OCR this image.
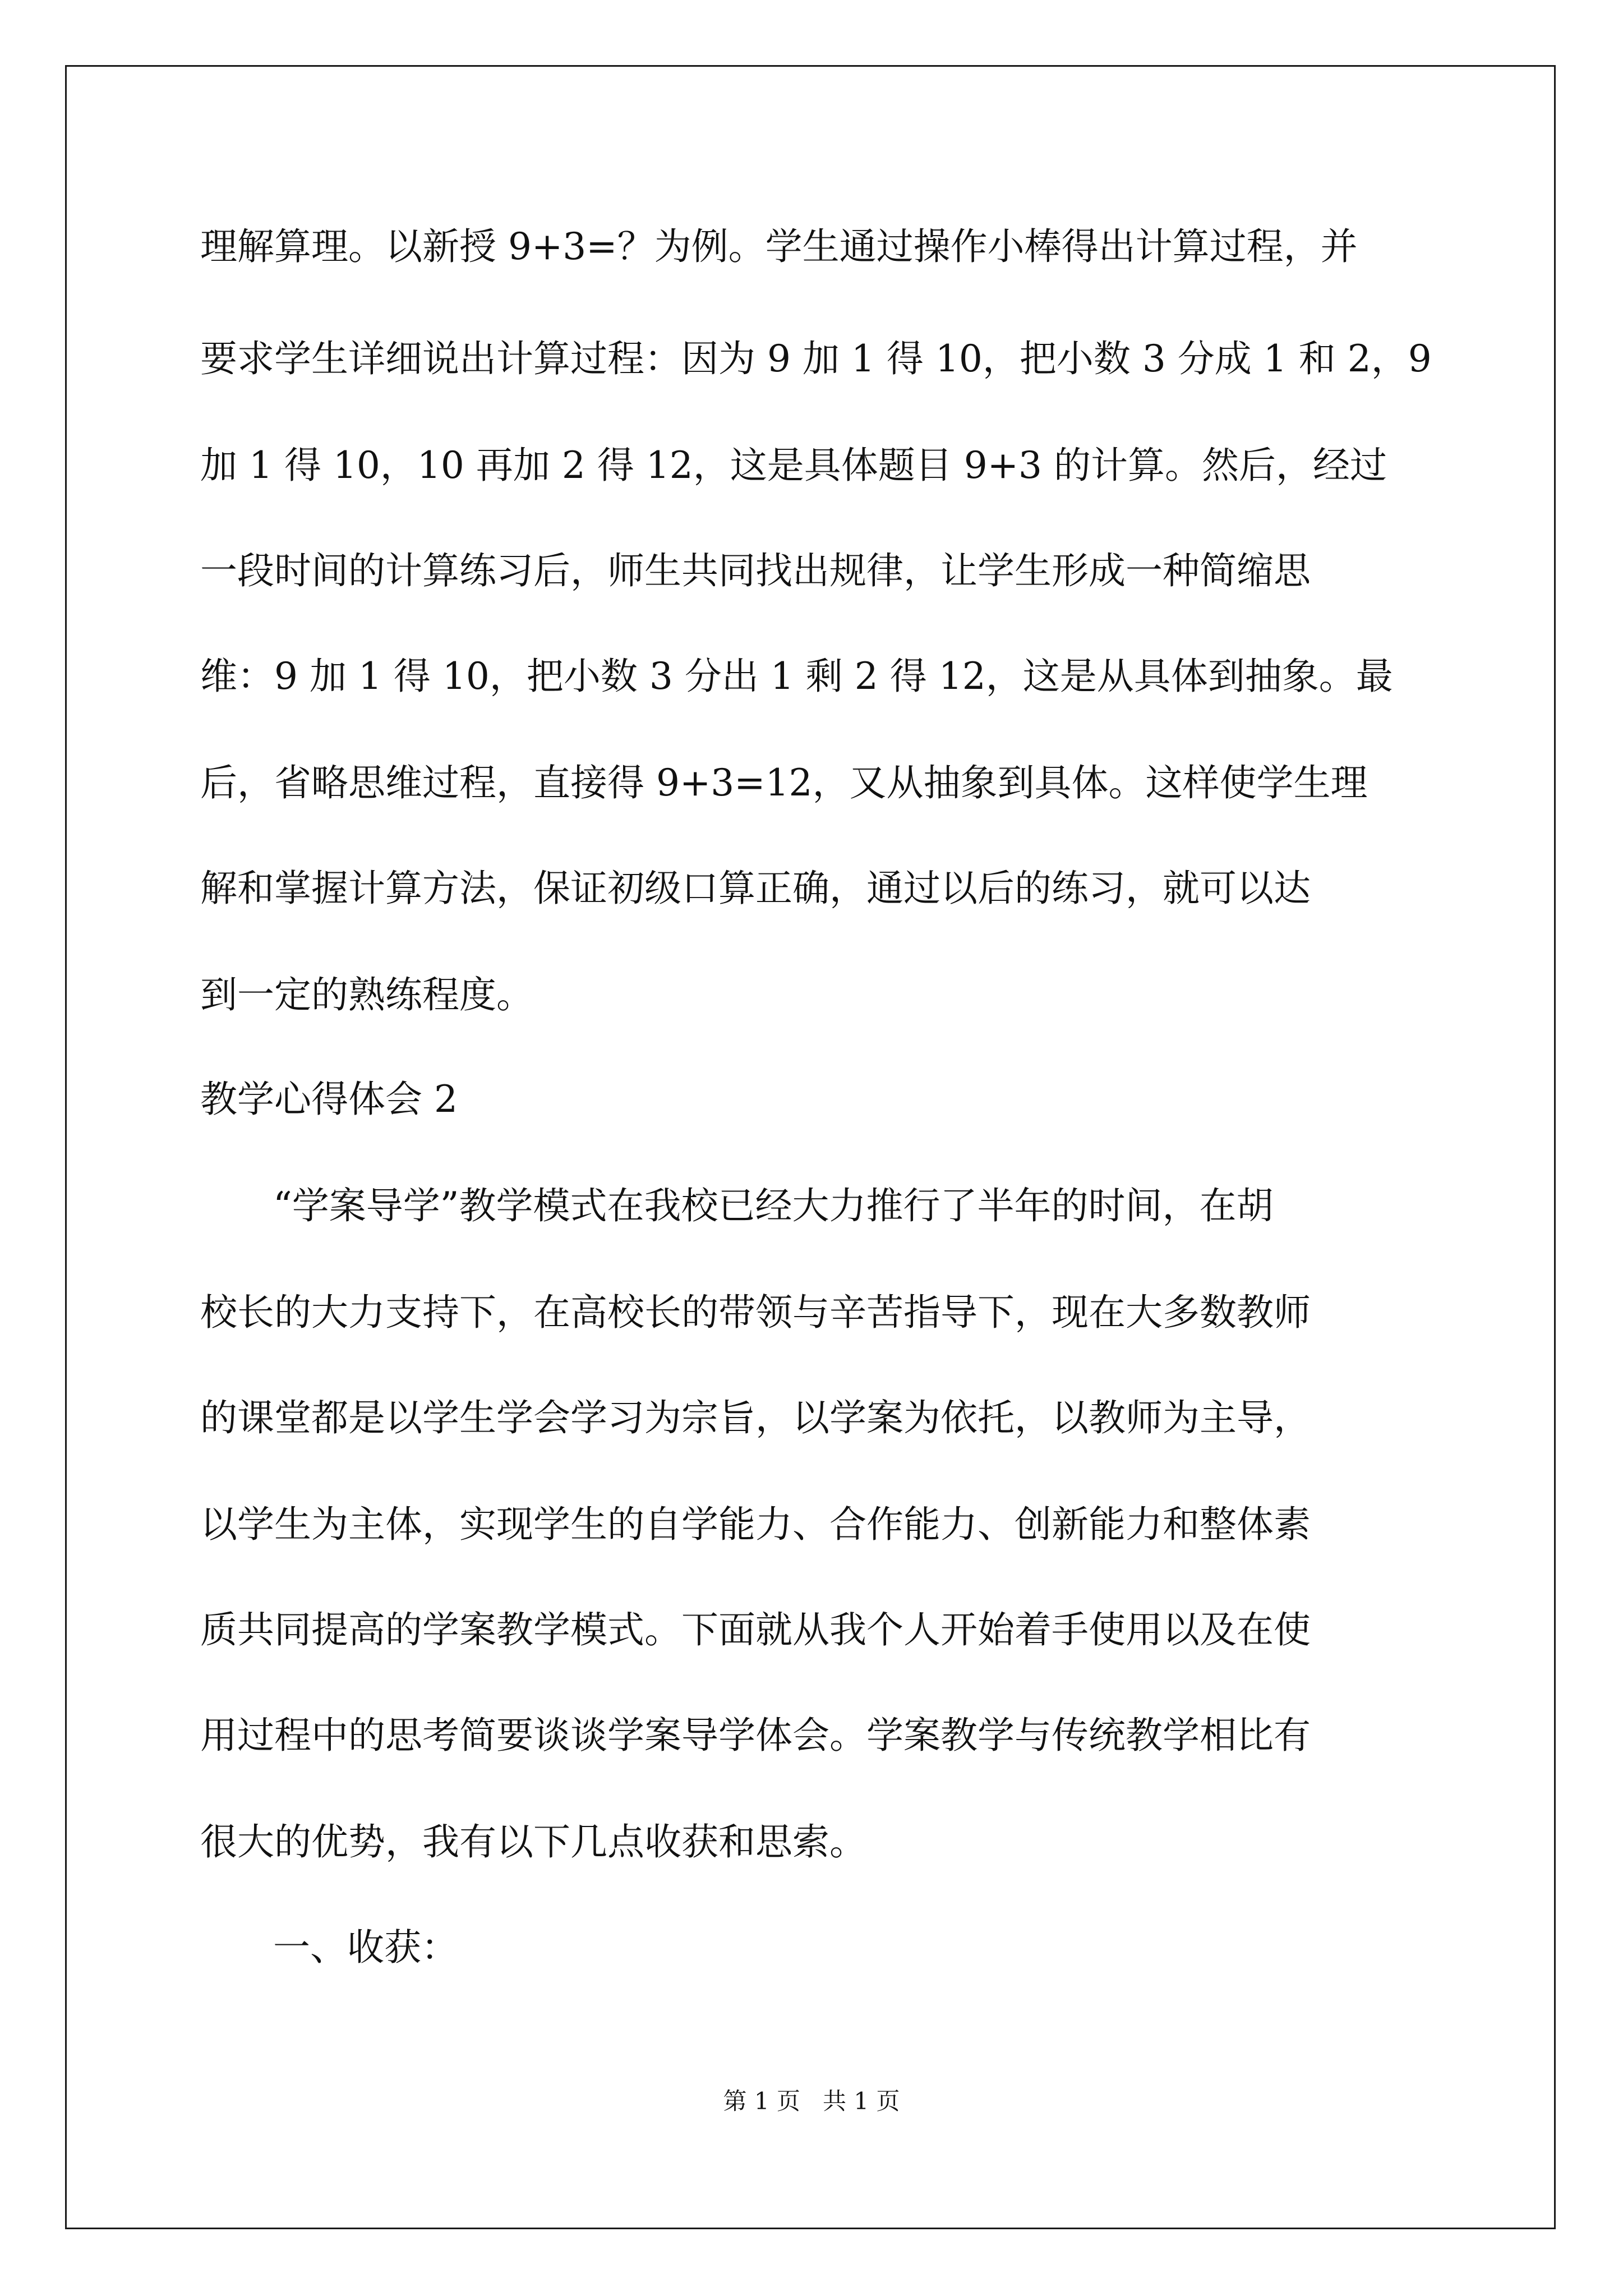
理解算理。以新授 9+3=？为例。学生通过操作小棒得出计算过程，并
要求学生详细说出计算过程：因为 9 加 1 得 10，把小数 3 分成 1 和 2，9
加 1 得 10，10 再加 2 得 12，这是具体题目 9+3 的计算。然后，经过
一段时间的计算练习后，师生共同找出规律，让学生形成一种简缩思
维：9 加 1 得 10，把小数 3 分出 1 剩 2 得 12，这是从具体到抽象。最
后，省略思维过程，直接得 9+3=12，又从抽象到具体。这样使学生理
解和掌握计算方法，保证初级口算正确，通过以后的练习，就可以达
到一定的熟练程度。
教学心得体会 2
“学案导学”教学模式在我校已经大力推行了半年的时间，在胡
校长的大力支持下，在高校长的带领与辛苦指导下，现在大多数教师
的课堂都是以学生学会学习为宗旨，以学案为依托，以教师为主导，
以学生为主体，实现学生的自学能力、合作能力、创新能力和整体素
质共同提高的学案教学模式。下面就从我个人开始着手使用以及在使
用过程中的思考简要谈谈学案导学体会。学案教学与传统教学相比有
很大的优势，我有以下几点收获和思索。
一、收获：
第 1 页   共 1 页
